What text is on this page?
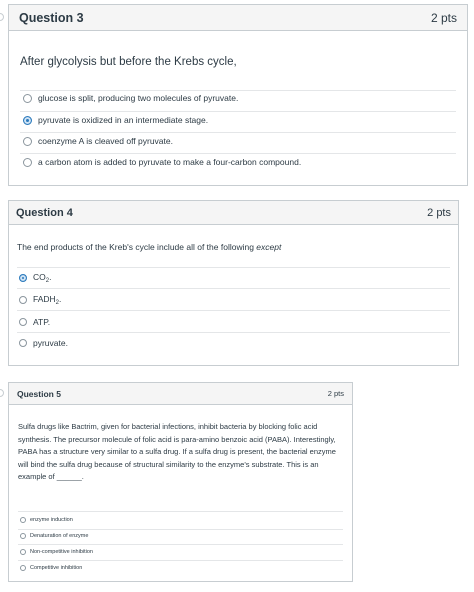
Question 3	2 pts
After glycolysis but before the Krebs cycle,
glucose is split, producing two molecules of pyruvate.
pyruvate is oxidized in an intermediate stage.
coenzyme A is cleaved off pyruvate.
a carbon atom is added to pyruvate to make a four-carbon compound.
Question 4	2 pts
The end products of the Kreb's cycle include all of the following except
$CO_2$.
$FADH_2$.
ATP.
pyruvate.
Question 5	2 pts
Sulfa drugs like Bactrim, given for bacterial infections, inhibit bacteria by blocking folic acid synthesis. The precursor molecule of folic acid is para-amino benzoic acid (PABA). Interestingly, PABA has a structure very similar to a sulfa drug. If a sulfa drug is present, the bacterial enzyme will bind the sulfa drug because of structural similarity to the enzyme's substrate. This is an example of ______.
enzyme induction
Denaturation of enzyme
Non-competitive inhibition
Competitive inhibition
